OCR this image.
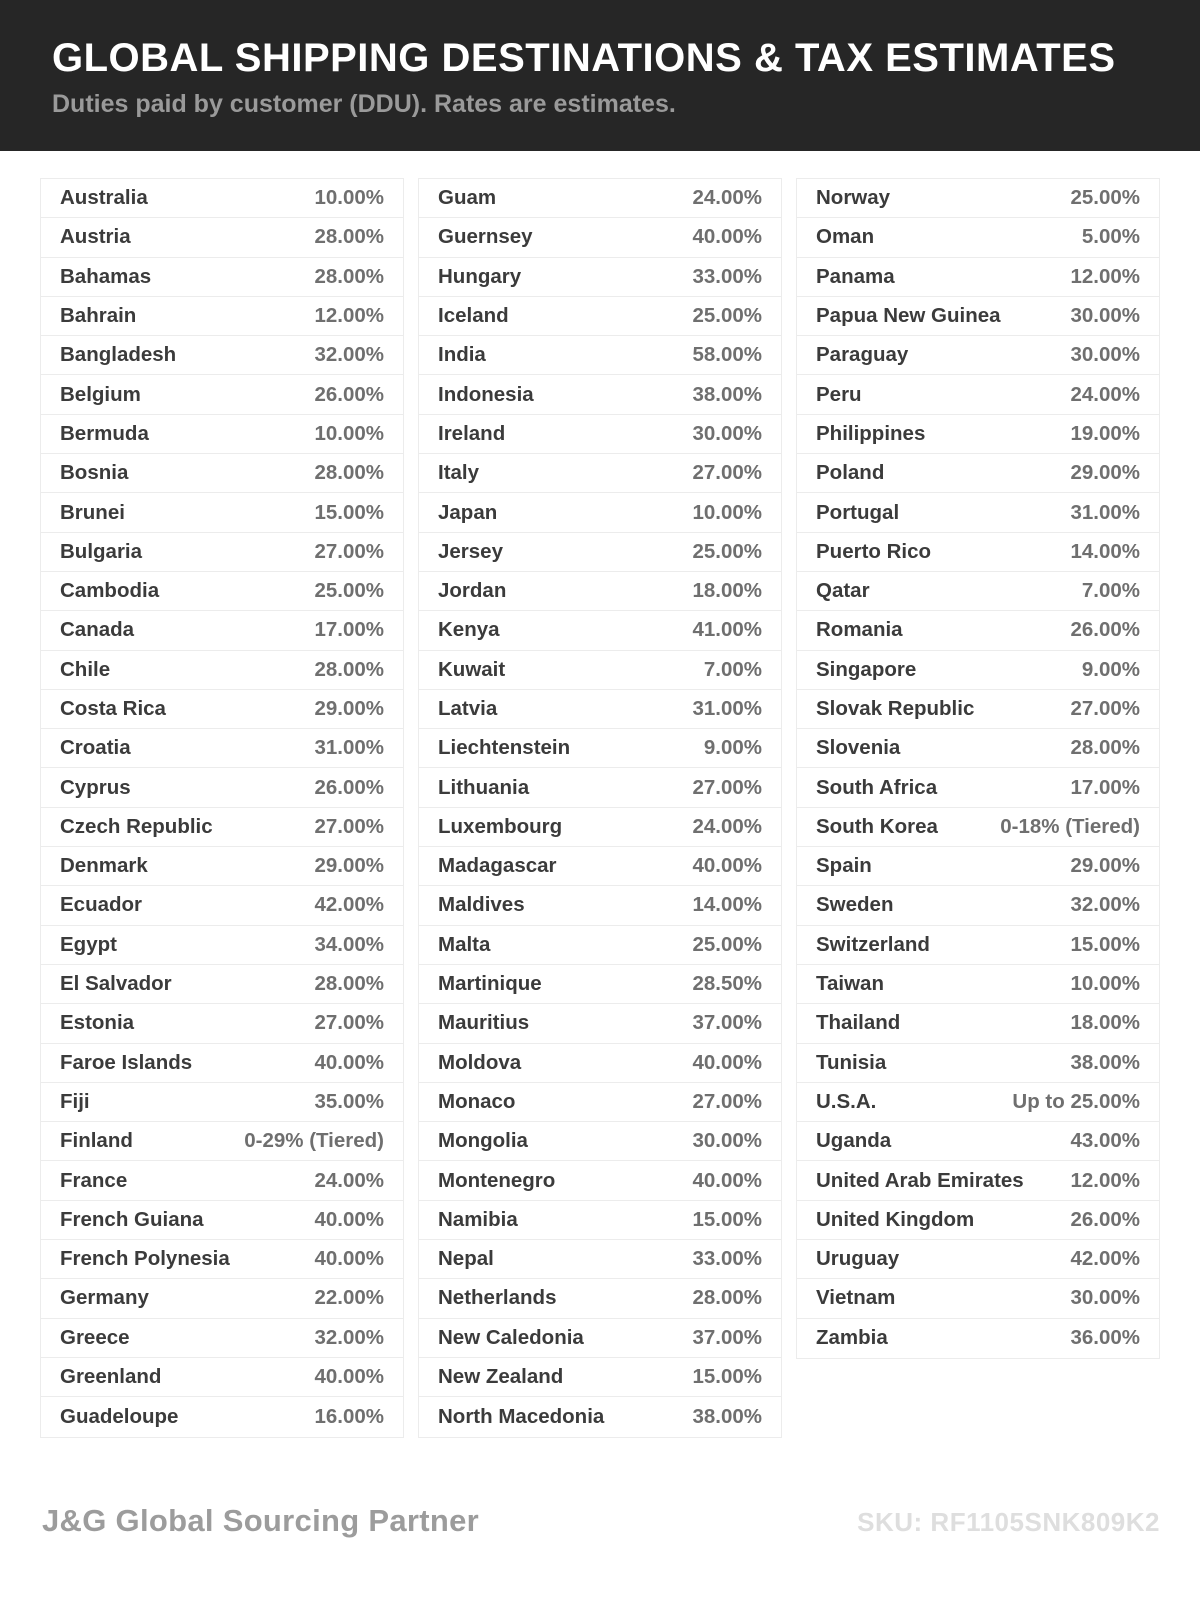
GLOBAL SHIPPING DESTINATIONS & TAX ESTIMATES
Duties paid by customer (DDU). Rates are estimates.
Australia	10.00%
Austria	28.00%
Bahamas	28.00%
Bahrain	12.00%
Bangladesh	32.00%
Belgium	26.00%
Bermuda	10.00%
Bosnia	28.00%
Brunei	15.00%
Bulgaria	27.00%
Cambodia	25.00%
Canada	17.00%
Chile	28.00%
Costa Rica	29.00%
Croatia	31.00%
Cyprus	26.00%
Czech Republic	27.00%
Denmark	29.00%
Ecuador	42.00%
Egypt	34.00%
El Salvador	28.00%
Estonia	27.00%
Faroe Islands	40.00%
Fiji	35.00%
Finland	0-29% (Tiered)
France	24.00%
French Guiana	40.00%
French Polynesia	40.00%
Germany	22.00%
Greece	32.00%
Greenland	40.00%
Guadeloupe	16.00%
Guam	24.00%
Guernsey	40.00%
Hungary	33.00%
Iceland	25.00%
India	58.00%
Indonesia	38.00%
Ireland	30.00%
Italy	27.00%
Japan	10.00%
Jersey	25.00%
Jordan	18.00%
Kenya	41.00%
Kuwait	7.00%
Latvia	31.00%
Liechtenstein	9.00%
Lithuania	27.00%
Luxembourg	24.00%
Madagascar	40.00%
Maldives	14.00%
Malta	25.00%
Martinique	28.50%
Mauritius	37.00%
Moldova	40.00%
Monaco	27.00%
Mongolia	30.00%
Montenegro	40.00%
Namibia	15.00%
Nepal	33.00%
Netherlands	28.00%
New Caledonia	37.00%
New Zealand	15.00%
North Macedonia	38.00%
Norway	25.00%
Oman	5.00%
Panama	12.00%
Papua New Guinea	30.00%
Paraguay	30.00%
Peru	24.00%
Philippines	19.00%
Poland	29.00%
Portugal	31.00%
Puerto Rico	14.00%
Qatar	7.00%
Romania	26.00%
Singapore	9.00%
Slovak Republic	27.00%
Slovenia	28.00%
South Africa	17.00%
South Korea	0-18% (Tiered)
Spain	29.00%
Sweden	32.00%
Switzerland	15.00%
Taiwan	10.00%
Thailand	18.00%
Tunisia	38.00%
U.S.A.	Up to 25.00%
Uganda	43.00%
United Arab Emirates 12.00%
United Kingdom	26.00%
Uruguay	42.00%
Vietnam	30.00%
Zambia	36.00%
J&G Global Sourcing Partner	SKU: RF1105SNK809K2
